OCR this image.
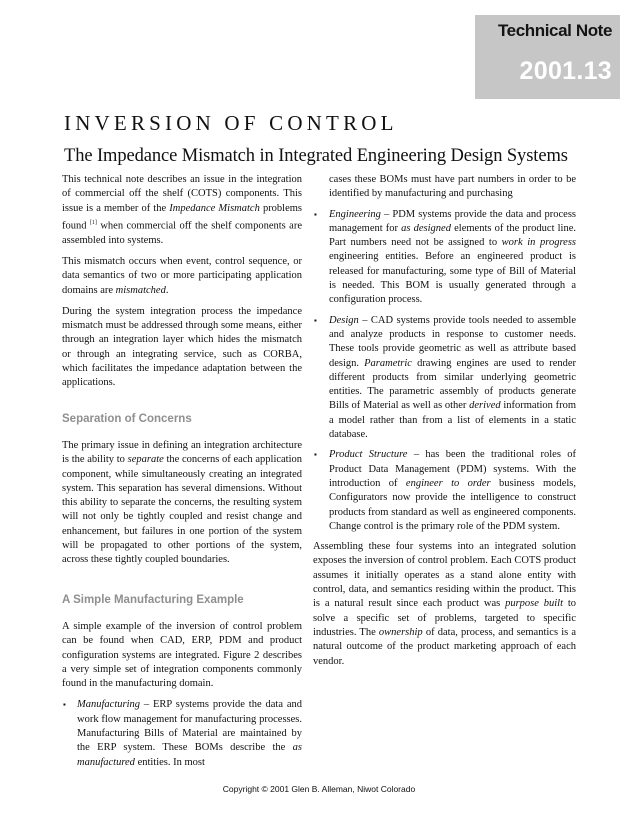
Technical Note
2001.13
INVERSION OF CONTROL
The Impedance Mismatch in Integrated Engineering Design Systems

This technical note describes an issue in the integration of commercial off the shelf (COTS) components. This issue is a member of the Impedance Mismatch problems found [1] when commercial off the shelf components are assembled into systems.

This mismatch occurs when event, control sequence, or data semantics of two or more participating application domains are mismatched.

During the system integration process the impedance mismatch must be addressed through some means, either through an integration layer which hides the mismatch or through an integrating service, such as CORBA, which facilitates the impedance adaptation between the applications.

Separation of Concerns

The primary issue in defining an integration architecture is the ability to separate the concerns of each application component, while simultaneously creating an integrated system. This separation has several dimensions. Without this ability to separate the concerns, the resulting system will not only be tightly coupled and resist change and enhancement, but failures in one portion of the system will be propagated to other portions of the system, across these tightly coupled boundaries.

A Simple Manufacturing Example

A simple example of the inversion of control problem can be found when CAD, ERP, PDM and product configuration systems are integrated. Figure 2 describes a very simple set of integration components commonly found in the manufacturing domain.

▪ Manufacturing – ERP systems provide the data and work flow management for manufacturing processes. Manufacturing Bills of Material are maintained by the ERP system. These BOMs describe the as manufactured entities. In most
cases these BOMs must have part numbers in order to be identified by manufacturing and purchasing
▪ Engineering – PDM systems provide the data and process management for as designed elements of the product line. Part numbers need not be assigned to work in progress engineering entities. Before an engineered product is released for manufacturing, some type of Bill of Material is needed. This BOM is usually generated through a configuration process.
▪ Design – CAD systems provide tools needed to assemble and analyze products in response to customer needs. These tools provide geometric as well as attribute based design. Parametric drawing engines are used to render different products from similar underlying geometric entities. The parametric assembly of products generate Bills of Material as well as other derived information from a model rather than from a list of elements in a static database.
▪ Product Structure – has been the traditional roles of Product Data Management (PDM) systems. With the introduction of engineer to order business models, Configurators now provide the intelligence to construct products from standard as well as engineered components. Change control is the primary role of the PDM system.

Assembling these four systems into an integrated solution exposes the inversion of control problem. Each COTS product assumes it initially operates as a stand alone entity with control, data, and semantics residing within the product. This is a natural result since each product was purpose built to solve a specific set of problems, targeted to specific industries. The ownership of data, process, and semantics is a natural outcome of the product marketing approach of each vendor.

Copyright © 2001 Glen B. Alleman, Niwot Colorado
